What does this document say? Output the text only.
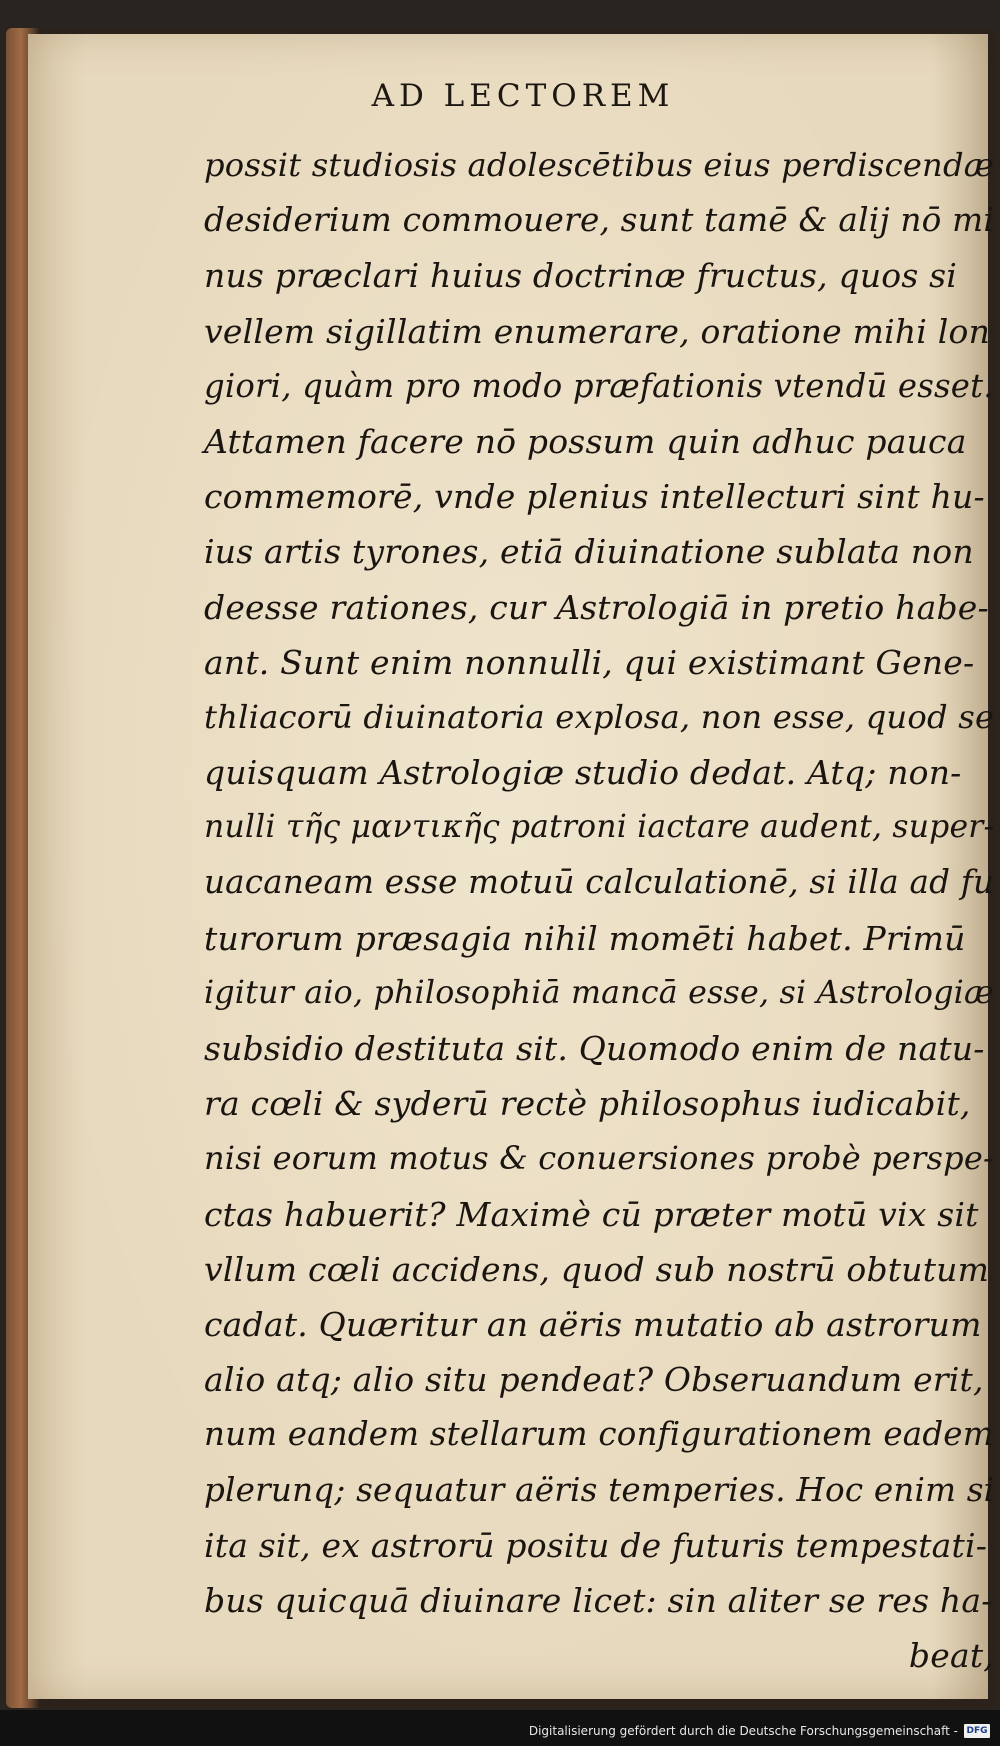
AD LECTOREM
possit studiosis adolescētibus eius perdiscendæ
desiderium commouere, sunt tamē & alij nō mi
nus præclari huius doctrinæ fructus, quos si
vellem sigillatim enumerare, oratione mihi lon
giori, quàm pro modo præfationis vtendū esset.
Attamen facere nō possum quin adhuc pauca
commemorē, vnde plenius intellecturi sint hu-
ius artis tyrones, etiā diuinatione sublata non
deesse rationes, cur Astrologiā in pretio habe-
ant. Sunt enim nonnulli, qui existimant Gene-
thliacorū diuinatoria explosa, non esse, quod se
quisquam Astrologiæ studio dedat. Atq; non-
nulli τῆς μαντικῆς patroni iactare audent, super-
uacaneam esse motuū calculationē, si illa ad fu
turorum præsagia nihil momēti habet. Primū
igitur aio, philosophiā mancā esse, si Astrologiæ
subsidio destituta sit. Quomodo enim de natu-
ra cœli & syderū rectè philosophus iudicabit,
nisi eorum motus & conuersiones probè perspe-
ctas habuerit? Maximè cū præter motū vix sit
vllum cœli accidens, quod sub nostrū obtutum
cadat. Quæritur an aëris mutatio ab astrorum
alio atq; alio situ pendeat? Obseruandum erit,
num eandem stellarum configurationem eadem
plerunq; sequatur aëris temperies. Hoc enim si
ita sit, ex astrorū positu de futuris tempestati-
bus quicquā diuinare licet: sin aliter se res ha-
beat,
Digitalisierung gefördert durch die Deutsche Forschungsgemeinschaft - DFG
